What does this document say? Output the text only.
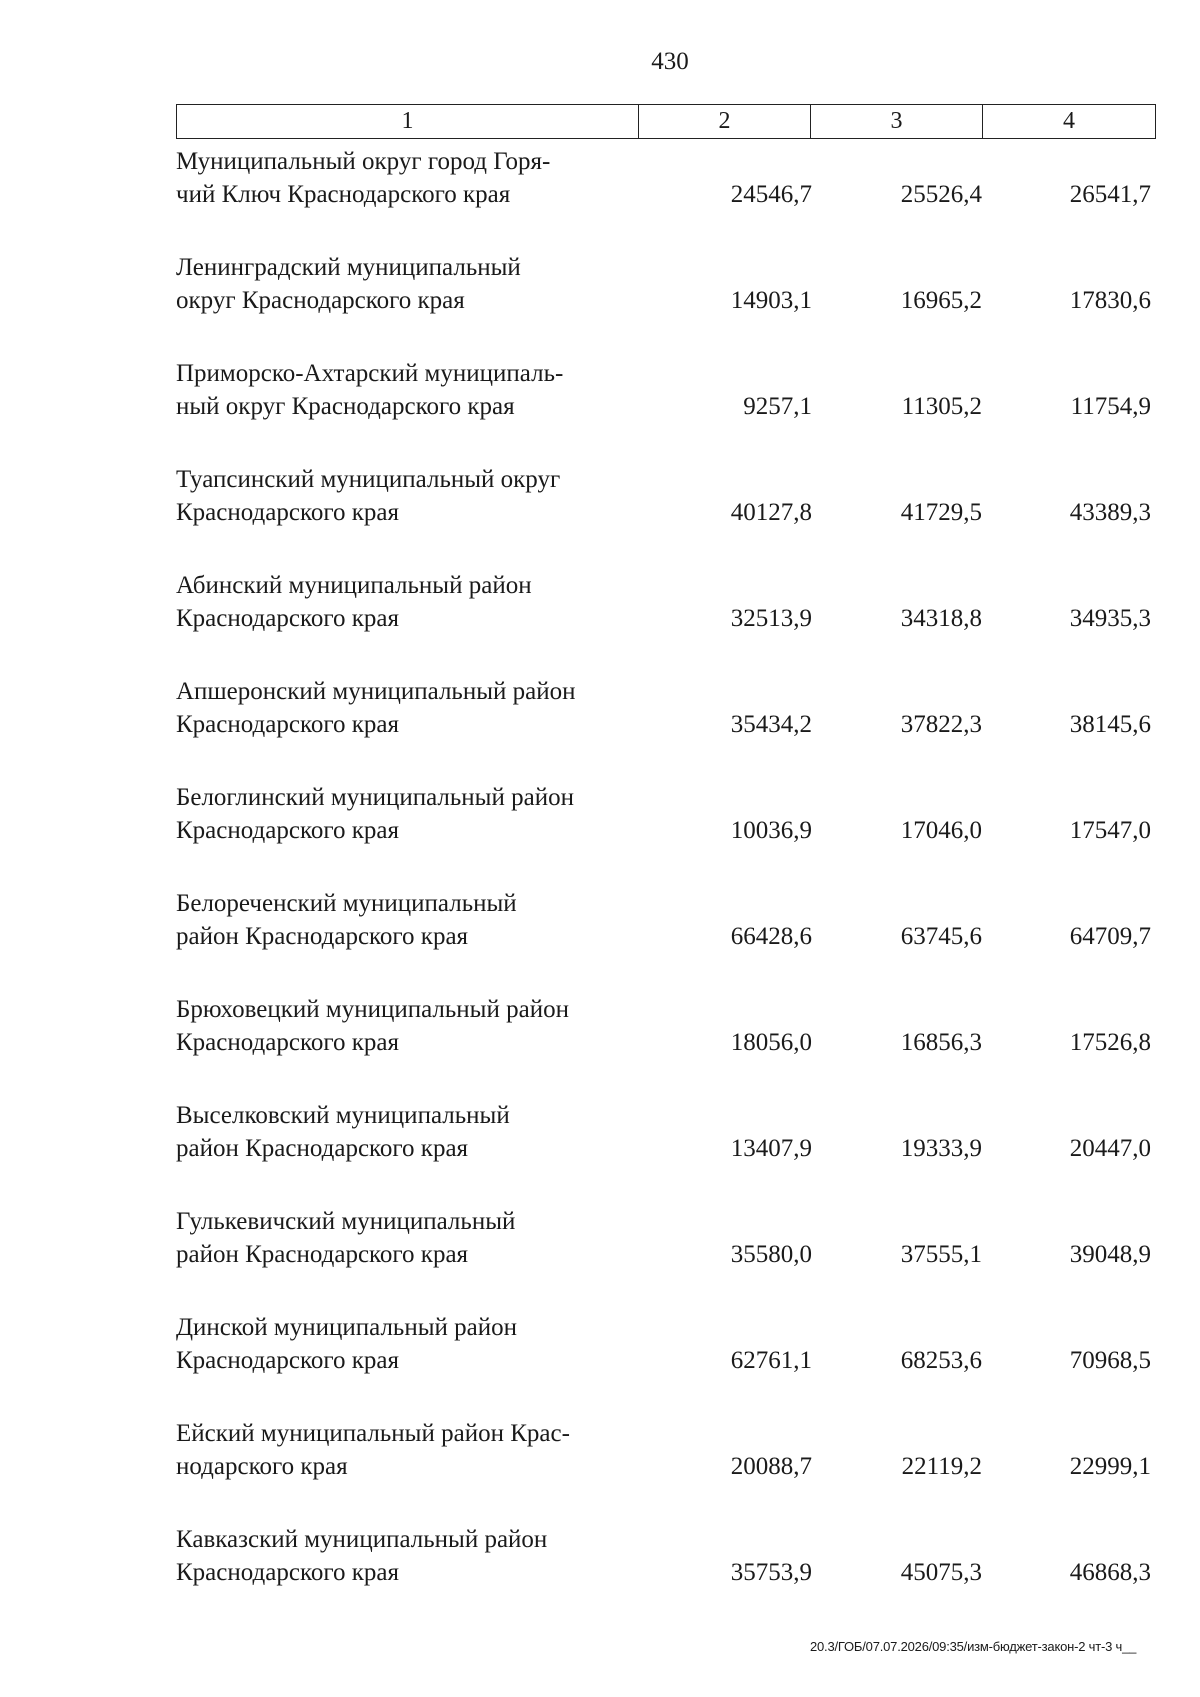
430
1	2	3	4
Муниципальный округ город Горя-
чий Ключ Краснодарского края	24546,7	25526,4	26541,7
Ленинградский муниципальный
округ Краснодарского края	14903,1	16965,2	17830,6
Приморско-Ахтарский муниципаль-
ный округ Краснодарского края	9257,1	11305,2	11754,9
Туапсинский муниципальный округ
Краснодарского края	40127,8	41729,5	43389,3
Абинский муниципальный район
Краснодарского края	32513,9	34318,8	34935,3
Апшеронский муниципальный район
Краснодарского края	35434,2	37822,3	38145,6
Белоглинский муниципальный район
Краснодарского края	10036,9	17046,0	17547,0
Белореченский муниципальный
район Краснодарского края	66428,6	63745,6	64709,7
Брюховецкий муниципальный район
Краснодарского края	18056,0	16856,3	17526,8
Выселковский муниципальный
район Краснодарского края	13407,9	19333,9	20447,0
Гулькевичский муниципальный
район Краснодарского края	35580,0	37555,1	39048,9
Динской муниципальный район
Краснодарского края	62761,1	68253,6	70968,5
Ейский муниципальный район Крас-
нодарского края	20088,7	22119,2	22999,1
Кавказский муниципальный район
Краснодарского края	35753,9	45075,3	46868,3
20.3/ГОБ/07.07.2026/09:35/изм-бюджет-закон-2 чт-3 ч__
